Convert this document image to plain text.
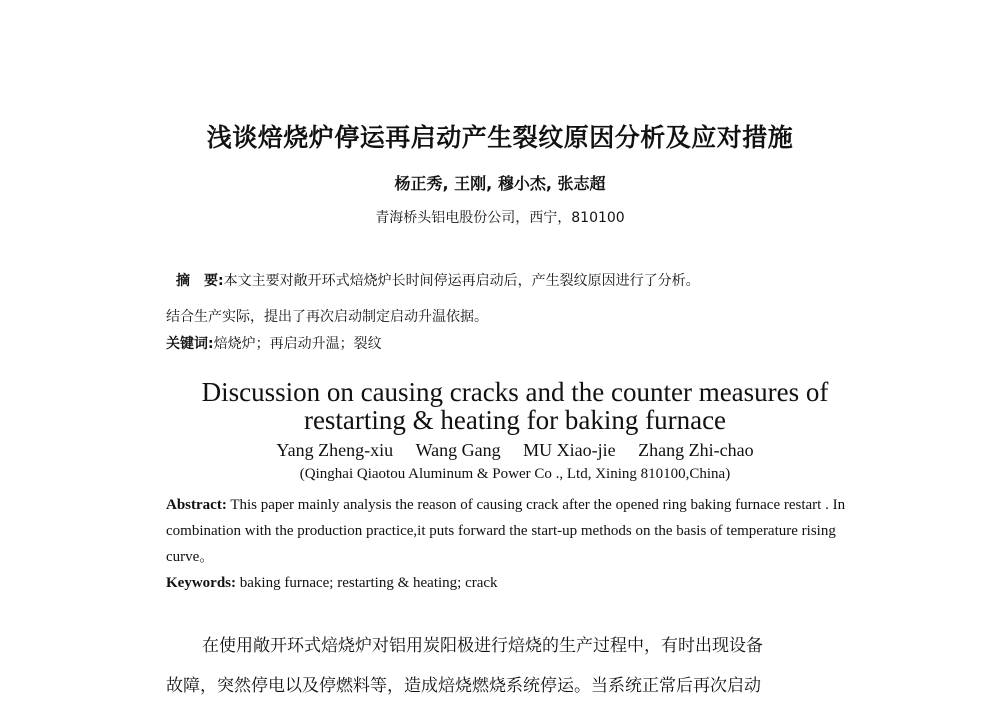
浅谈焙烧炉停运再启动产生裂纹原因分析及应对措施
杨正秀, 王刚, 穆小杰, 张志超
青海桥头铝电股份公司，西宁，810100
摘　要:本文主要对敞开环式焙烧炉长时间停运再启动后，产生裂纹原因进行了分析。
结合生产实际，提出了再次启动制定启动升温依据。
关键词:焙烧炉；再启动升温；裂纹
Discussion on causing cracks and the counter measures of
restarting & heating for baking furnace
Yang Zheng-xiu Wang Gang MU Xiao-jie Zhang Zhi-chao
(Qinghai Qiaotou Aluminum & Power Co ., Ltd, Xining 810100,China)
Abstract: This paper mainly analysis the reason of causing crack after the opened ring baking furnace restart . In combination with the production practice,it puts forward the start-up methods on the basis of temperature rising curve。
Keywords: baking furnace; restarting & heating; crack
在使用敞开环式焙烧炉对铝用炭阳极进行焙烧的生产过程中，有时出现设备
故障，突然停电以及停燃料等，造成焙烧燃烧系统停运。当系统正常后再次启动
